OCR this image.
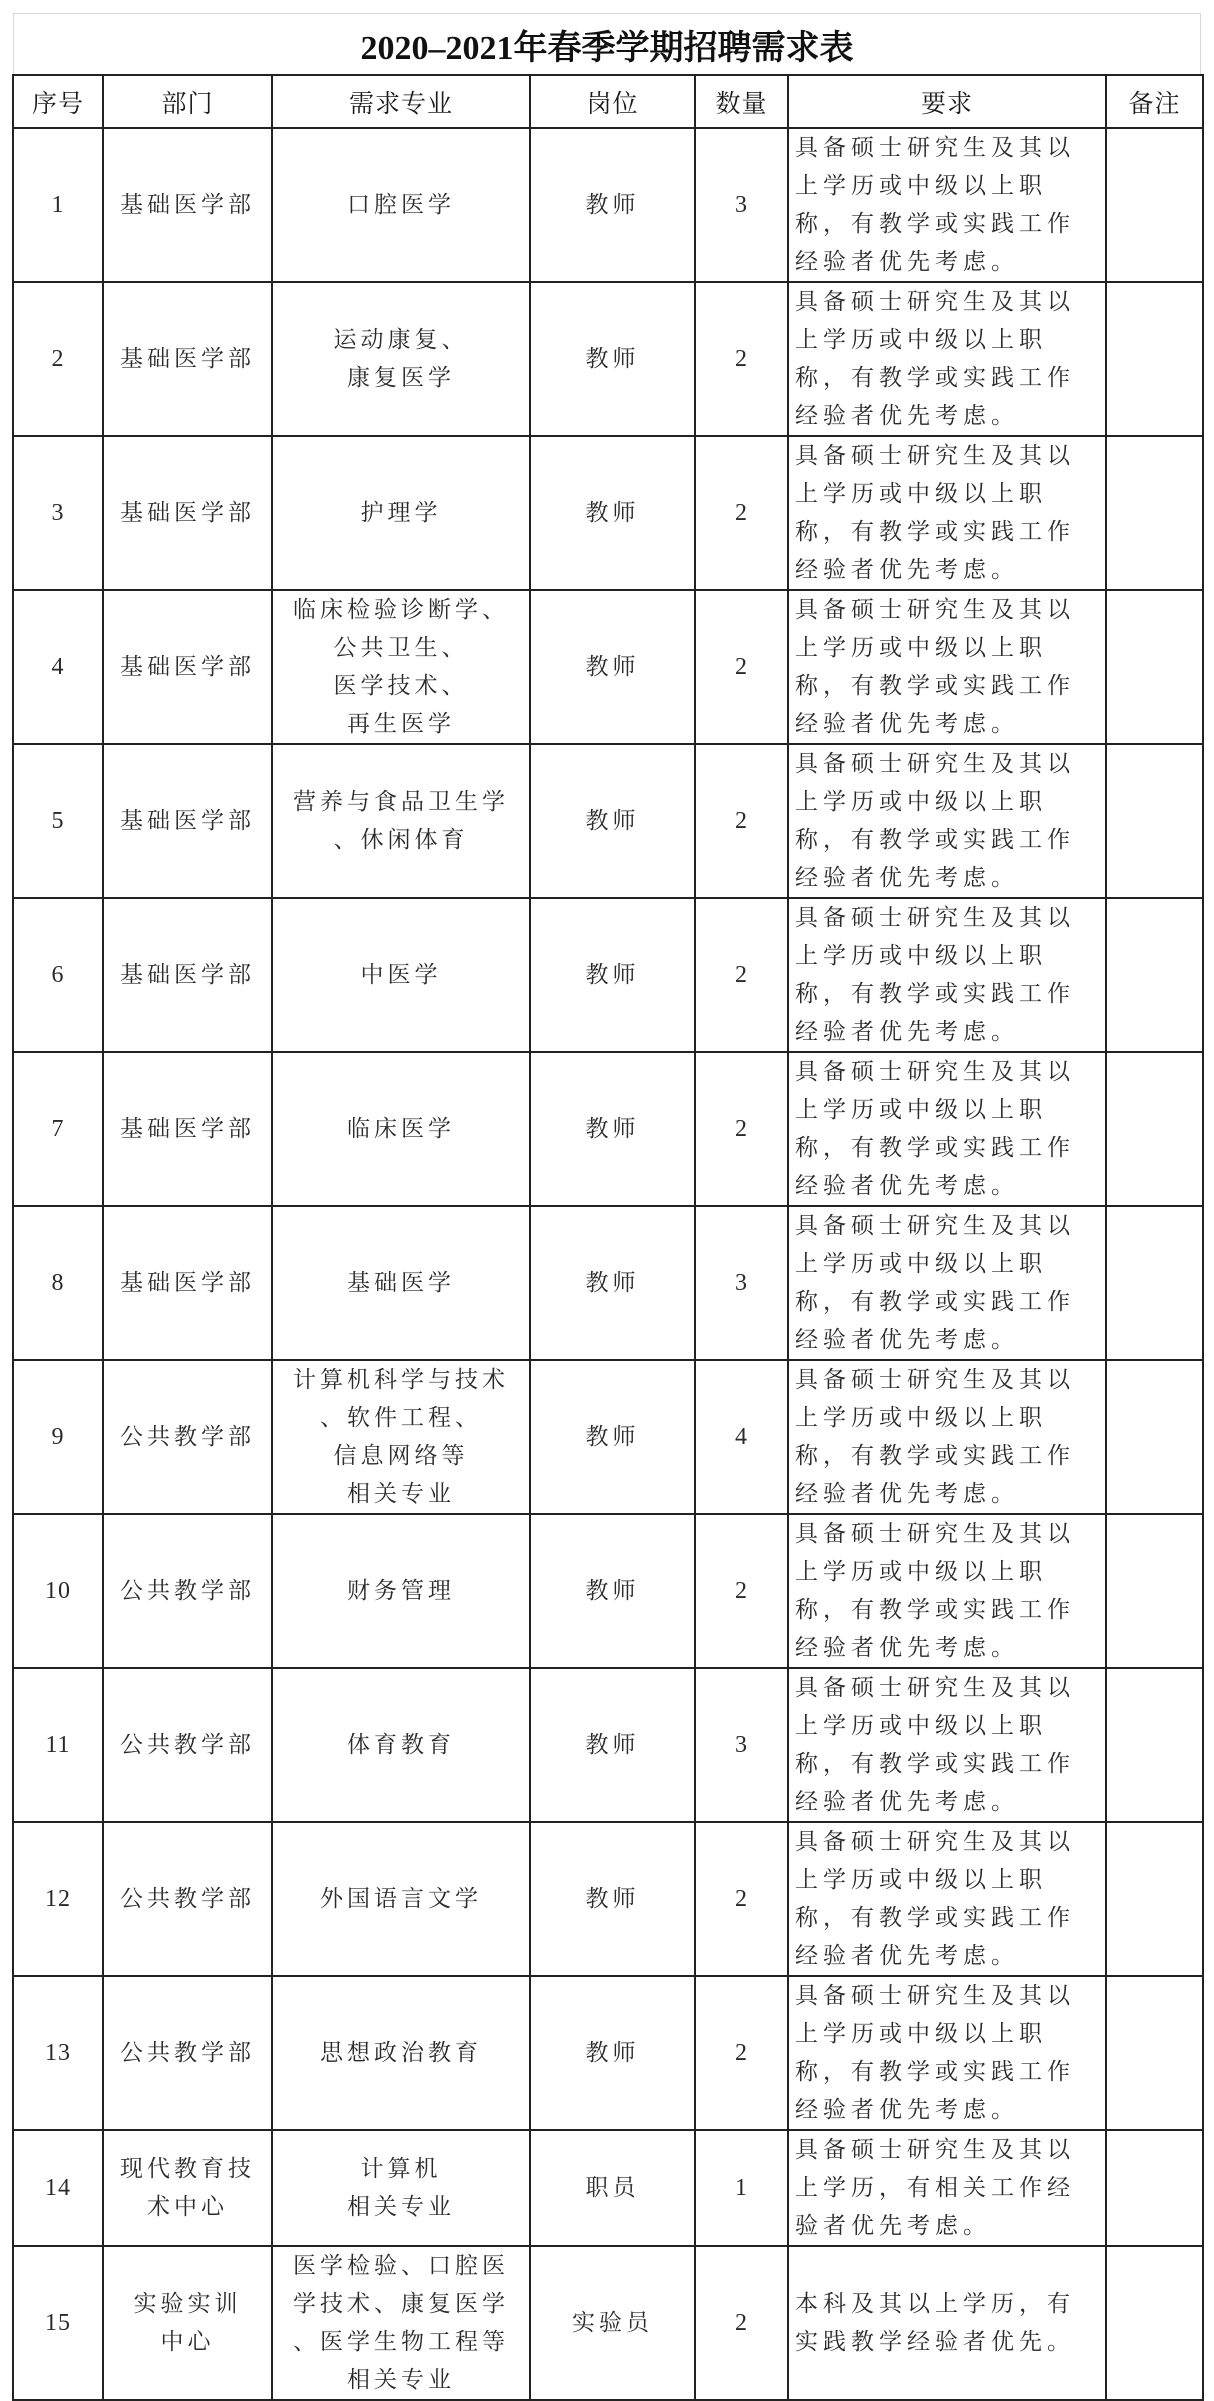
2020–2021年春季学期招聘需求表
序号	部门	需求专业	岗位	数量	要求	备注
1	基础医学部	口腔医学	教师	3	具备硕士研究生及其以
上学历或中级以上职
称，有教学或实践工作
经验者优先考虑。	

2	基础医学部	运动康复、
康复医学	教师	2	具备硕士研究生及其以
上学历或中级以上职
称，有教学或实践工作
经验者优先考虑。	

3	基础医学部	护理学	教师	2	具备硕士研究生及其以
上学历或中级以上职
称，有教学或实践工作
经验者优先考虑。	

4	基础医学部	临床检验诊断学、
公共卫生、
医学技术、
再生医学	教师	2	具备硕士研究生及其以
上学历或中级以上职
称，有教学或实践工作
经验者优先考虑。	

5	基础医学部	营养与食品卫生学
、休闲体育	教师	2	具备硕士研究生及其以
上学历或中级以上职
称，有教学或实践工作
经验者优先考虑。	

6	基础医学部	中医学	教师	2	具备硕士研究生及其以
上学历或中级以上职
称，有教学或实践工作
经验者优先考虑。	

7	基础医学部	临床医学	教师	2	具备硕士研究生及其以
上学历或中级以上职
称，有教学或实践工作
经验者优先考虑。	

8	基础医学部	基础医学	教师	3	具备硕士研究生及其以
上学历或中级以上职
称，有教学或实践工作
经验者优先考虑。	

9	公共教学部	计算机科学与技术
、软件工程、
信息网络等
相关专业	教师	4	具备硕士研究生及其以
上学历或中级以上职
称，有教学或实践工作
经验者优先考虑。	

10	公共教学部	财务管理	教师	2	具备硕士研究生及其以
上学历或中级以上职
称，有教学或实践工作
经验者优先考虑。	

11	公共教学部	体育教育	教师	3	具备硕士研究生及其以
上学历或中级以上职
称，有教学或实践工作
经验者优先考虑。	

12	公共教学部	外国语言文学	教师	2	具备硕士研究生及其以
上学历或中级以上职
称，有教学或实践工作
经验者优先考虑。	

13	公共教学部	思想政治教育	教师	2	具备硕士研究生及其以
上学历或中级以上职
称，有教学或实践工作
经验者优先考虑。	

14	现代教育技
术中心	计算机
相关专业	职员	1	具备硕士研究生及其以
上学历，有相关工作经
验者优先考虑。	

15	实验实训
中心	医学检验、口腔医
学技术、康复医学
、医学生物工程等
相关专业	实验员	2	本科及其以上学历，有
实践教学经验者优先。	
